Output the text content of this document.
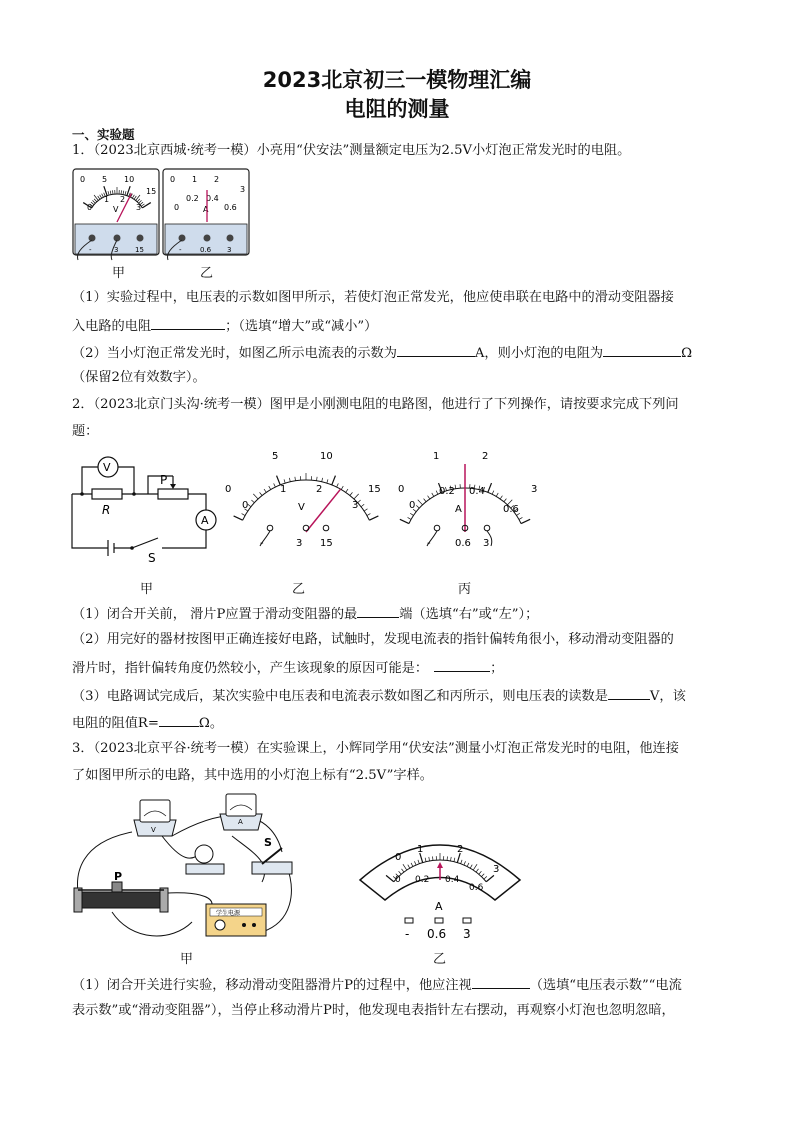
2023北京初三一模物理汇编
电阻的测量
一、实验题
1．（2023北京西城·统考一模）小亮用“伏安法”测量额定电压为2.5V小灯泡正常发光时的电阻。
0 5 10
15
0
1 2
3
V
-	3 15
0 1 2
3
0
0.2 0.4
0.6
A
-	0.6 3
甲	乙
（1）实验过程中，电压表的示数如图甲所示，若使灯泡正常发光，他应使串联在电路中的滑动变阻器接
入电路的电阻	；（选填“增大”或“减小”）
（2）当小灯泡正常发光时，如图乙所示电流表的示数为	A，则小灯泡的电阻为	Ω
（保留2位有效数字）。
2．（2023北京门头沟·统考一模）图甲是小刚测电阻的电路图，他进行了下列操作，请按要求完成下列问
题：
V
A
R
P
S
0
5	10
15
0
1	2
3
V
-	3 15
0
1	2
3
0
0.2 0.4
0.6
A
- 0.6 3
甲	乙	丙
（1）闭合开关前， 滑片P应置于滑动变阻器的最	端（选填“右”或“左”）；
（2）用完好的器材按图甲正确连接好电路，试触时，发现电流表的指针偏转角很小，移动滑动变阻器的
滑片时，指针偏转角度仍然较小，产生该现象的原因可能是：	；
（3）电路调试完成后，某次实验中电压表和电流表示数如图乙和丙所示，则电压表的读数是	V，该
电阻的阻值R=	Ω。
3．（2023北京平谷·统考一模）在实验课上，小辉同学用“伏安法”测量小灯泡正常发光时的电阻，他连接
了如图甲所示的电路，其中选用的小灯泡上标有“2.5V”字样。
V
A
S
P
学生电源
0
1	2
3
0 0.2 0.4
0.6
A
- 0.6 3
甲	乙
（1）闭合开关进行实验，移动滑动变阻器滑片P的过程中，他应注视	（选填“电压表示数”“电流
表示数”或“滑动变阻器”），当停止移动滑片P时，他发现电表指针左右摆动，再观察小灯泡也忽明忽暗，
